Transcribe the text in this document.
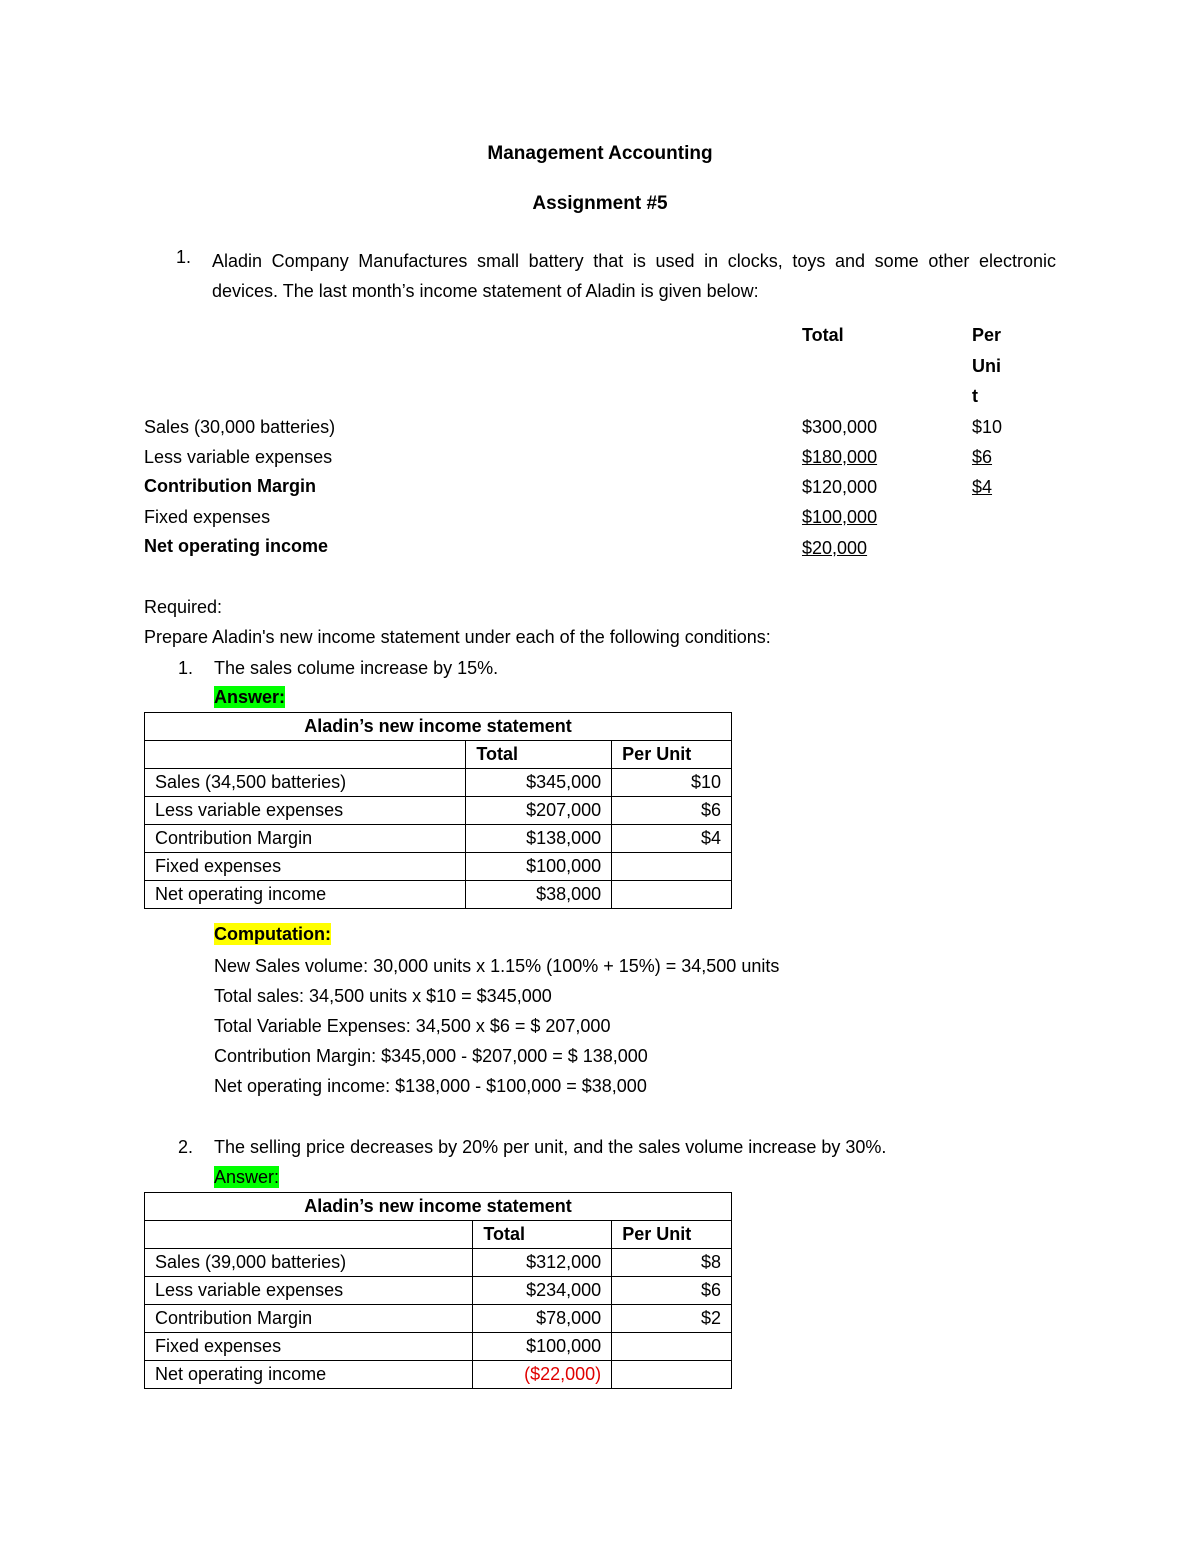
Management Accounting
Assignment #5
1. Aladin Company Manufactures small battery that is used in clocks, toys and some other electronic devices. The last month’s income statement of Aladin is given below:
Total	Per
Uni
t
Sales (30,000 batteries)	$300,000	$10
Less variable expenses	$180,000	$6
Contribution Margin	$120,000	$4
Fixed expenses	$100,000
Net operating income	$20,000
Required:
Prepare Aladin's new income statement under each of the following conditions:
1. The sales colume increase by 15%.
Answer:
Aladin’s new income statement		
	Total	Per Unit
Sales (34,500 batteries)	$345,000	$10
Less variable expenses	$207,000	$6
Contribution Margin	$138,000	$4
Fixed expenses	$100,000	
Net operating income	$38,000	
Computation:
New Sales volume: 30,000 units x 1.15% (100% + 15%) = 34,500 units
Total sales: 34,500 units x $10 = $345,000
Total Variable Expenses: 34,500 x $6 = $ 207,000
Contribution Margin: $345,000 - $207,000 = $ 138,000
Net operating income: $138,000 - $100,000 = $38,000
2. The selling price decreases by 20% per unit, and the sales volume increase by 30%.
Answer:
Aladin’s new income statement		
	Total	Per Unit
Sales (39,000 batteries)	$312,000	$8
Less variable expenses	$234,000	$6
Contribution Margin	$78,000	$2
Fixed expenses	$100,000	
Net operating income	($22,000)	
